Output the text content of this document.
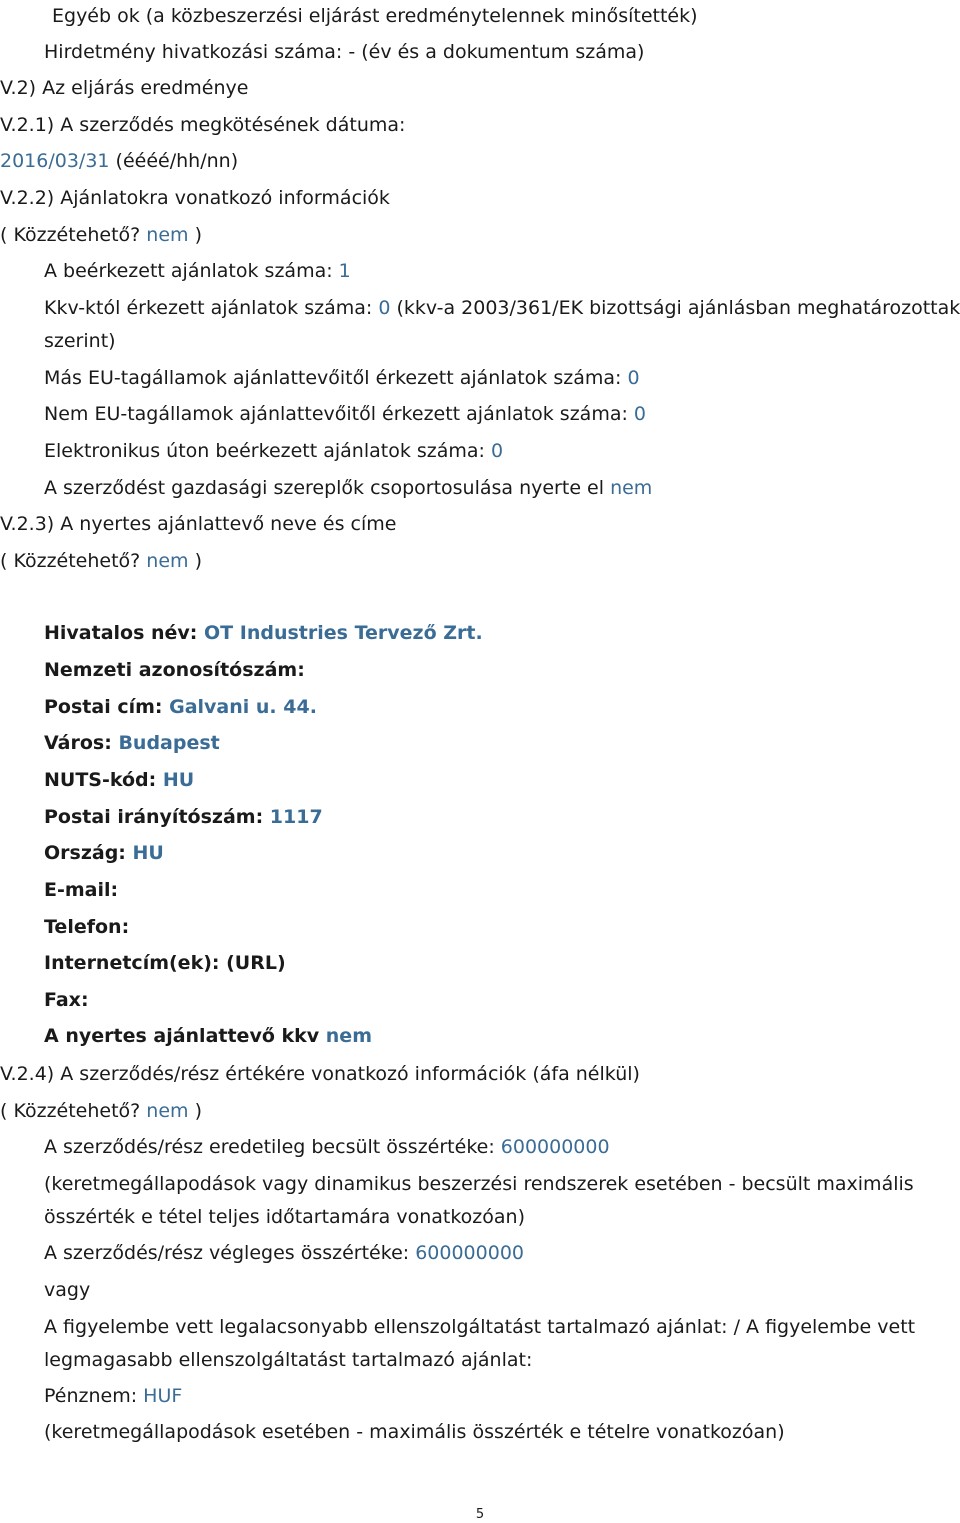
Egyéb ok (a közbeszerzési eljárást eredménytelennek minősítették)
Hirdetmény hivatkozási száma: - (év és a dokumentum száma)
V.2) Az eljárás eredménye
V.2.1) A szerződés megkötésének dátuma:
2016/03/31 (éééé/hh/nn)
V.2.2) Ajánlatokra vonatkozó információk
( Közzétehető? nem )
A beérkezett ajánlatok száma: 1
Kkv-któl érkezett ajánlatok száma: 0 (kkv-a 2003/361/EK bizottsági ajánlásban meghatározottak
szerint)
Más EU-tagállamok ajánlattevőitől érkezett ajánlatok száma: 0
Nem EU-tagállamok ajánlattevőitől érkezett ajánlatok száma: 0
Elektronikus úton beérkezett ajánlatok száma: 0
A szerződést gazdasági szereplők csoportosulása nyerte el nem
V.2.3) A nyertes ajánlattevő neve és címe
( Közzétehető? nem )
Hivatalos név: OT Industries Tervező Zrt.
Nemzeti azonosítószám:
Postai cím: Galvani u. 44.
Város: Budapest
NUTS-kód: HU
Postai irányítószám: 1117
Ország: HU
E-mail:
Telefon:
Internetcím(ek): (URL)
Fax:
A nyertes ajánlattevő kkv nem
V.2.4) A szerződés/rész értékére vonatkozó információk (áfa nélkül)
( Közzétehető? nem )
A szerződés/rész eredetileg becsült összértéke: 600000000
(keretmegállapodások vagy dinamikus beszerzési rendszerek esetében - becsült maximális
összérték e tétel teljes időtartamára vonatkozóan)
A szerződés/rész végleges összértéke: 600000000
vagy
A figyelembe vett legalacsonyabb ellenszolgáltatást tartalmazó ajánlat: / A figyelembe vett
legmagasabb ellenszolgáltatást tartalmazó ajánlat:
Pénznem: HUF
(keretmegállapodások esetében - maximális összérték e tételre vonatkozóan)
5
